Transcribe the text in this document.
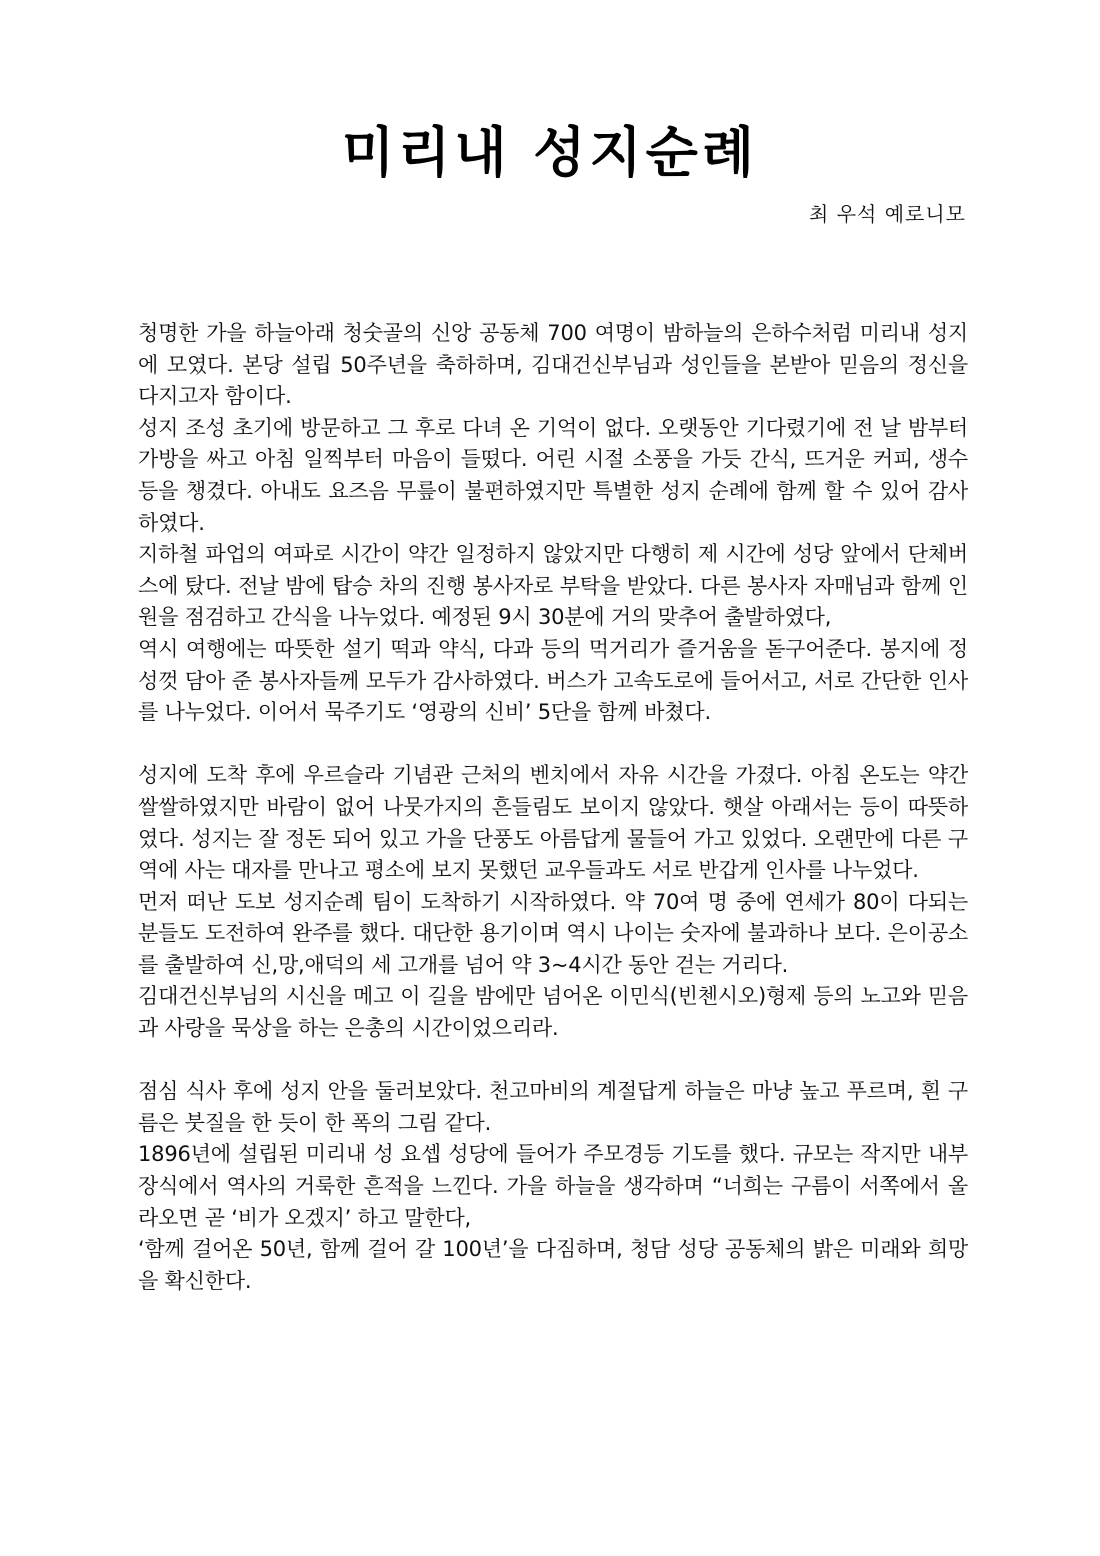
미리내 성지순례
최 우석 예로니모

청명한 가을 하늘아래 청숫골의 신앙 공동체 700 여명이 밤하늘의 은하수처럼 미리내 성지에 모였다. 본당 설립 50주년을 축하하며, 김대건신부님과 성인들을 본받아 믿음의 정신을 다지고자 함이다.

성지 조성 초기에 방문하고 그 후로 다녀 온 기억이 없다. 오랫동안 기다렸기에 전 날 밤부터 가방을 싸고 아침 일찍부터 마음이 들떴다. 어린 시절 소풍을 가듯 간식, 뜨거운 커피, 생수 등을 챙겼다. 아내도 요즈음 무릎이 불편하였지만 특별한 성지 순례에 함께 할 수 있어 감사하였다.

지하철 파업의 여파로 시간이 약간 일정하지 않았지만 다행히 제 시간에 성당 앞에서 단체버스에 탔다. 전날 밤에 탑승 차의 진행 봉사자로 부탁을 받았다. 다른 봉사자 자매님과 함께 인원을 점검하고 간식을 나누었다. 예정된 9시 30분에 거의 맞추어 출발하였다,

역시 여행에는 따뜻한 설기 떡과 약식, 다과 등의 먹거리가 즐거움을 돋구어준다. 봉지에 정성껏 담아 준 봉사자들께 모두가 감사하였다. 버스가 고속도로에 들어서고, 서로 간단한 인사를 나누었다. 이어서 묵주기도 ‘영광의 신비’ 5단을 함께 바쳤다.

성지에 도착 후에 우르슬라 기념관 근처의 벤치에서 자유 시간을 가졌다. 아침 온도는 약간 쌀쌀하였지만 바람이 없어 나뭇가지의 흔들림도 보이지 않았다. 햇살 아래서는 등이 따뜻하였다. 성지는 잘 정돈 되어 있고 가을 단풍도 아름답게 물들어 가고 있었다. 오랜만에 다른 구역에 사는 대자를 만나고 평소에 보지 못했던 교우들과도 서로 반갑게 인사를 나누었다.

먼저 떠난 도보 성지순례 팀이 도착하기 시작하였다. 약 70여 명 중에 연세가 80이 다되는 분들도 도전하여 완주를 했다. 대단한 용기이며 역시 나이는 숫자에 불과하나 보다. 은이공소를 출발하여 신,망,애덕의 세 고개를 넘어 약 3~4시간 동안 걷는 거리다.

김대건신부님의 시신을 메고 이 길을 밤에만 넘어온 이민식(빈첸시오)형제 등의 노고와 믿음과 사랑을 묵상을 하는 은총의 시간이었으리라.

점심 식사 후에 성지 안을 둘러보았다. 천고마비의 계절답게 하늘은 마냥 높고 푸르며, 흰 구름은 붓질을 한 듯이 한 폭의 그림 같다.

1896년에 설립된 미리내 성 요셉 성당에 들어가 주모경등 기도를 했다. 규모는 작지만 내부 장식에서 역사의 거룩한 흔적을 느낀다. 가을 하늘을 생각하며 “너희는 구름이 서쪽에서 올라오면 곧 ‘비가 오겠지’ 하고 말한다,

‘함께 걸어온 50년, 함께 걸어 갈 100년’을 다짐하며, 청담 성당 공동체의 밝은 미래와 희망을 확신한다.
